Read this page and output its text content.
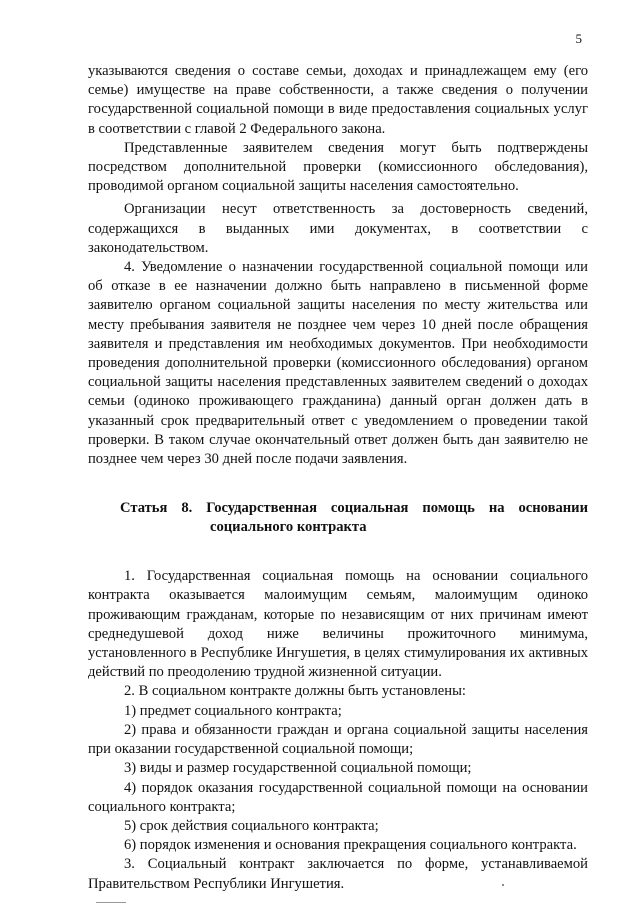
5

указываются сведения о составе семьи, доходах и принадлежащем ему (его семье) имуществе на праве собственности, а также сведения о получении государственной социальной помощи в виде предоставления социальных услуг в соответствии с главой 2 Федерального закона.

Представленные заявителем сведения могут быть подтверждены посредством дополнительной проверки (комиссионного обследования), проводимой органом социальной защиты населения самостоятельно.

Организации несут ответственность за достоверность сведений, содержащихся в выданных ими документах, в соответствии с законодательством.

4. Уведомление о назначении государственной социальной помощи или об отказе в ее назначении должно быть направлено в письменной форме заявителю органом социальной защиты населения по месту жительства или месту пребывания заявителя не позднее чем через 10 дней после обращения заявителя и представления им необходимых документов. При необходимости проведения дополнительной проверки (комиссионного обследования) органом социальной защиты населения представленных заявителем сведений о доходах семьи (одиноко проживающего гражданина) данный орган должен дать в указанный срок предварительный ответ с уведомлением о проведении такой проверки. В таком случае окончательный ответ должен быть дан заявителю не позднее чем через 30 дней после подачи заявления.

Статья 8. Государственная социальная помощь на основании
социального контракта

1. Государственная социальная помощь на основании социального контракта оказывается малоимущим семьям, малоимущим одиноко проживающим гражданам, которые по независящим от них причинам имеют среднедушевой доход ниже величины прожиточного минимума, установленного в Республике Ингушетия, в целях стимулирования их активных действий по преодолению трудной жизненной ситуации.

2. В социальном контракте должны быть установлены:

1) предмет социального контракта;

2) права и обязанности граждан и органа социальной защиты населения при оказании государственной социальной помощи;

3) виды и размер государственной социальной помощи;

4) порядок оказания государственной социальной помощи на основании социального контракта;

5) срок действия социального контракта;

6) порядок изменения и основания прекращения социального контракта.

3. Социальный контракт заключается по форме, устанавливаемой Правительством Республики Ингушетия.
